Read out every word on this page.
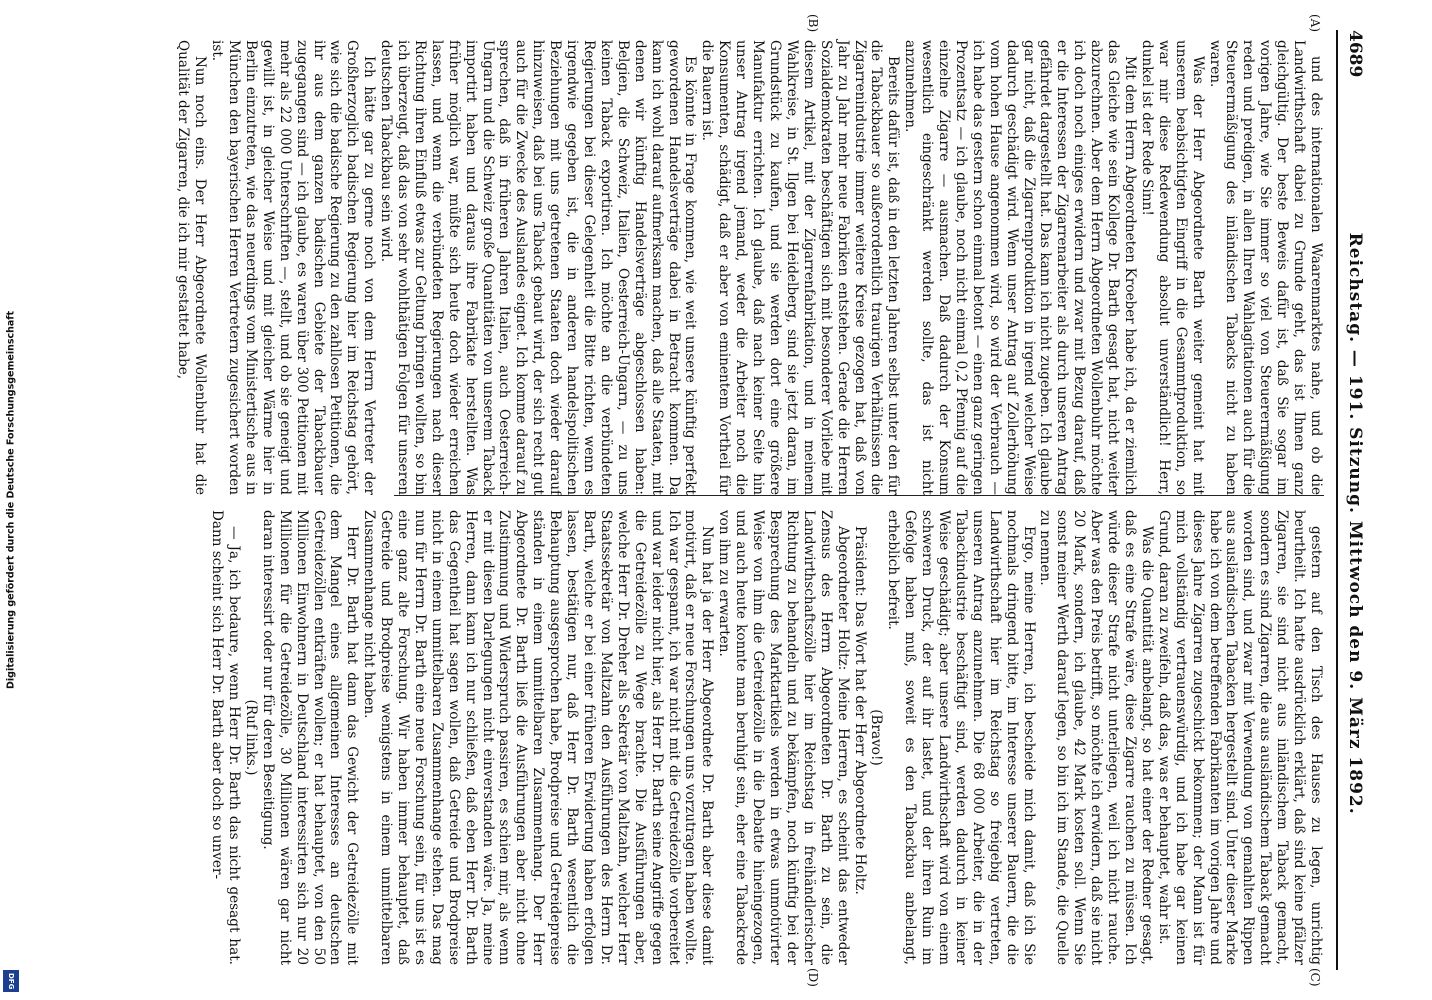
Digitalisierung gefördert durch die Deutsche Forschungsgemeinschaft
DFG
4689
Reichstag. — 191. Sitzung. Mittwoch den 9. März 1892.
(A)
(B)
(C)
(D)

und des internationalen Waarenmarktes nahe, und ob die Landwirthschaft dabei zu Grunde geht, das ist Ihnen ganz gleichgültig. Der beste Beweis dafür ist, daß Sie sogar im vorigen Jahre, wie Sie immer so viel von Steuerermäßigung reden und predigen, in allen Ihren Wahlagitationen auch für die Steuerermäßigung des inländischen Tabacks nicht zu haben waren.

Was der Herr Abgeordnete Barth weiter gemeint hat mit unserem beabsichtigten Eingriff in die Gesammtproduktion, so war mir diese Redewendung absolut unverständlich! Herr, dunkel ist der Rede Sinn!

Mit dem Herrn Abgeordneten Kroeber habe ich, da er ziemlich das Gleiche wie sein Kollege Dr. Barth gesagt hat, nicht weiter abzurechnen. Aber dem Herrn Abgeordneten Wollenbuhr möchte ich doch noch einiges erwidern und zwar mit Bezug darauf, daß er die Interessen der Zigarrenarbeiter als durch unseren Antrag gefährdet dargestellt hat. Das kann ich nicht zugeben. Ich glaube gar nicht, daß die Zigarrenproduktion in irgend welcher Weise dadurch geschädigt wird. Wenn unser Antrag auf Zollerhöhung vom hohen Hause angenommen wird, so wird der Verbrauch — ich habe das gestern schon einmal betont — einen ganz geringen Prozentsatz — ich glaube, noch nicht einmal 0,2 Pfennig auf die einzelne Zigarre — ausmachen. Daß dadurch der Konsum wesentlich eingeschränkt werden sollte, das ist nicht anzunehmen.

Bereits dafür ist, daß in den letzten Jahren selbst unter den für die Tabackbauer so außerordentlich traurigen Verhältnissen die Zigarrenindustrie immer weitere Kreise gezogen hat, daß von Jahr zu Jahr mehr neue Fabriken entstehen. Gerade die Herren Sozialdemokraten beschäftigen sich mit besonderer Vorliebe mit diesem Artikel, mit der Zigarrenfabrikation, und in meinem Wahlkreise, in St. Ilgen bei Heidelberg, sind sie jetzt daran, im Grundstück zu kaufen, und sie werden dort eine größere Manufaktur errichten. Ich glaube, daß nach keiner Seite hin unser Antrag irgend jemand, weder die Arbeiter noch die Konsumenten, schädigt, daß er aber von eminentem Vortheil für die Bauern ist.

Es könnte in Frage kommen, wie weit unsere künftig perfekt gewordenen Handelsverträge dabei in Betracht kommen. Da kann ich wohl darauf aufmerksam machen, daß alle Staaten, mit denen wir künftig Handelsverträge abgeschlossen haben: Belgien, die Schweiz, Italien, Oesterreich-Ungarn, — zu uns keinen Taback exportiren. Ich möchte an die verbündeten Regierungen bei dieser Gelegenheit die Bitte richten, wenn es irgendwie gegeben ist, die in anderen handelspolitischen Beziehungen mit uns getretenen Staaten doch wieder darauf hinzuweisen, daß bei uns Taback gebaut wird, der sich recht gut auch für die Zwecke des Auslandes eignet. Ich komme darauf zu sprechen, daß in früheren Jahren Italien, auch Oesterreich-Ungarn und die Schweiz große Quantitäten von unserem Taback importirt haben und daraus ihre Fabrikate herstellten. Was früher möglich war, müßte sich heute doch wieder erreichen lassen, und wenn die verbündeten Regierungen nach dieser Richtung ihren Einfluß etwas zur Geltung bringen wollten, so bin ich überzeugt, daß das von sehr wohlthätigen Folgen für unseren deutschen Tabackbau sein wird.

Ich hätte gar zu gerne noch von dem Herrn Vertreter der Großherzoglich badischen Regierung hier im Reichstag gehört, wie sich die badische Regierung zu den zahllosen Petitionen, die ihr aus dem ganzen badischen Gebiete der Tabackbauer zugegangen sind — ich glaube, es waren über 300 Petitionen mit mehr als 22 000 Unterschriften —, stellt, und ob sie geneigt und gewillt ist, in gleicher Weise und mit gleicher Wärme hier in Berlin einzutreten, wie das neuerdings vom Ministertische aus in München den bayerischen Herren Vertretern zugesichert worden ist.

Nun noch eins. Der Herr Abgeordnete Wollenbuhr hat die Qualität der Zigarren, die ich mir gestattet habe,

gestern auf den Tisch des Hauses zu legen, unrichtig beurtheilt. Ich hatte ausdrücklich erklärt, daß sind keine pfälzer Zigarren, sie sind nicht aus inländischem Taback gemacht, sondern es sind Zigarren, die aus ausländischem Taback gemacht worden sind, und zwar mit Verwendung von gemahlten Rippen aus ausländischen Tabacken hergestellt sind. Unter dieser Marke habe ich von dem betreffenden Fabrikanten im vorigen Jahre und dieses Jahre Zigarren zugeschickt bekommen; der Mann ist für mich vollständig vertrauenswürdig, und ich habe gar keinen Grund, daran zu zweifeln, daß das, was er behauptet, wahr ist.

Was die Quantität anbelangt, so hat einer der Redner gesagt, daß es eine Strafe wäre, diese Zigarre rauchen zu müssen. Ich würde dieser Strafe nicht unterliegen, weil ich nicht rauche. Aber was den Preis betrifft, so möchte ich erwidern, daß sie nicht 20 Mark, sondern, ich glaube, 42 Mark kosten soll. Wenn Sie sonst meiner Werth darauf legen, so bin ich im Stande, die Quelle zu nennen.

Ergo, meine Herren, ich bescheide mich damit, daß ich Sie nochmals dringend bitte, im Interesse unserer Bauern, die die Landwirthschaft hier im Reichstag so freigebig vertreten, unseren Antrag anzunehmen. Die 68 000 Arbeiter, die in der Tabackindustrie beschäftigt sind, werden dadurch in keiner Weise geschädigt; aber unsere Landwirthschaft wird von einem schweren Druck, der auf ihr lastet, und der ihren Ruin im Gefolge haben muß, soweit es den Tabackbau anbelangt, erheblich befreit.

(Bravo!)

Präsident: Das Wort hat der Herr Abgeordnete Holtz.

Abgeordneter Holtz: Meine Herren, es scheint das entweder Zensus des Herrn Abgeordneten Dr. Barth zu sein, die Landwirthschaftszölle hier im Reichstag in freihändlerischer Richtung zu behandeln und zu bekämpfen, noch künftig bei der Besprechung des Marktartikels werden in etwas unmotivirter Weise von ihm die Getreidezölle in die Debatte hineingezogen, und auch heute konnte man beruhigt sein, eher eine Tabackrede von ihm zu erwarten.

Nun hat ja der Herr Abgeordnete Dr. Barth aber diese damit motivirt, daß er neue Forschungen uns vorzutragen haben wollte. Ich war gespannt, ich war nicht mit die Getreidezölle vorbereitet und war leider nicht hier, als Herr Dr. Barth seine Angriffe gegen die Getreidezölle zu Wege brachte. Die Ausführungen aber, welche Herr Dr. Dreher als Sekretär von Maltzahn, welcher Herr Staatssekretär von Maltzahn den Ausführungen des Herrn Dr. Barth, welche er bei einer früheren Erwiderung haben erfolgen lassen, bestätigen nur, daß Herr Dr. Barth wesentlich die Behauptung ausgesprochen habe, Brodpreise und Getreidepreise ständen in einem unmittelbaren Zusammenhang. Der Herr Abgeordnete Dr. Barth ließ die Ausführungen aber nicht ohne Zustimmung und Widerspruch passiren, es schien mir, als wenn er mit diesen Darlegungen nicht einverstanden wäre. Ja, meine Herren, dann kann ich nur schließen, daß eben Herr Dr. Barth das Gegentheil hat sagen wollen, daß Getreide und Brodpreise nicht in einem unmittelbaren Zusammenhange stehen. Das mag nun für Herrn Dr. Barth eine neue Forschung sein, für uns ist es eine ganz alte Forschung. Wir haben immer behauptet, daß Getreide und Brodpreise wenigstens in einem unmittelbaren Zusammenhange nicht haben.

Herr Dr. Barth hat dann das Gewicht der Getreidezölle mit dem Mangel eines allgemeinen Interesses an deutschen Getreidezöllen entkräften wollen; er hat behauptet, von den 50 Millionen Einwohnern in Deutschland interessirten sich nur 20 Millionen für die Getreidezölle, 30 Millionen wären gar nicht daran interessirt oder nur für deren Beseitigung.

(Ruf links.)

— Ja, ich bedaure, wenn Herr Dr. Barth das nicht gesagt hat. Dann scheint sich Herr Dr. Barth aber doch so unver-
